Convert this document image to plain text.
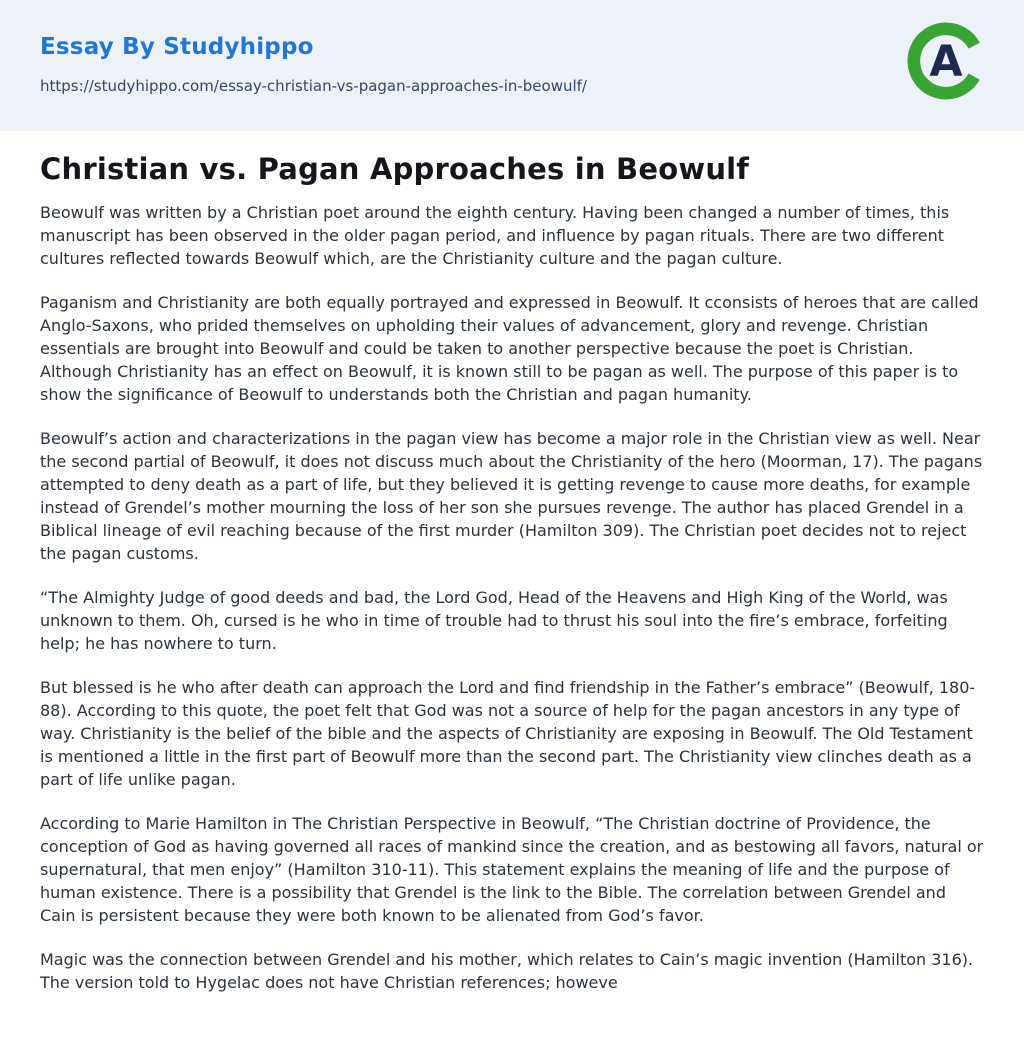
Essay By Studyhippo
https://studyhippo.com/essay-christian-vs-pagan-approaches-in-beowulf/	A
Christian vs. Pagan Approaches in Beowulf

Beowulf was written by a Christian poet around the eighth century. Having been changed a number of times, this manuscript has been observed in the older pagan period, and influence by pagan rituals. There are two different cultures reflected towards Beowulf which, are the Christianity culture and the pagan culture.

Paganism and Christianity are both equally portrayed and expressed in Beowulf. It cconsists of heroes that are called Anglo-Saxons, who prided themselves on upholding their values of advancement, glory and revenge. Christian essentials are brought into Beowulf and could be taken to another perspective because the poet is Christian. Although Christianity has an effect on Beowulf, it is known still to be pagan as well. The purpose of this paper is to show the significance of Beowulf to understands both the Christian and pagan humanity.

Beowulf’s action and characterizations in the pagan view has become a major role in the Christian view as well. Near the second partial of Beowulf, it does not discuss much about the Christianity of the hero (Moorman, 17). The pagans attempted to deny death as a part of life, but they believed it is getting revenge to cause more deaths, for example instead of Grendel’s mother mourning the loss of her son she pursues revenge. The author has placed Grendel in a Biblical lineage of evil reaching because of the first murder (Hamilton 309). The Christian poet decides not to reject the pagan customs.

“The Almighty Judge of good deeds and bad, the Lord God, Head of the Heavens and High King of the World, was unknown to them. Oh, cursed is he who in time of trouble had to thrust his soul into the fire’s embrace, forfeiting help; he has nowhere to turn.

But blessed is he who after death can approach the Lord and find friendship in the Father’s embrace” (Beowulf, 180-88). According to this quote, the poet felt that God was not a source of help for the pagan ancestors in any type of way. Christianity is the belief of the bible and the aspects of Christianity are exposing in Beowulf. The Old Testament is mentioned a little in the first part of Beowulf more than the second part. The Christianity view clinches death as a part of life unlike pagan.

According to Marie Hamilton in The Christian Perspective in Beowulf, “The Christian doctrine of Providence, the conception of God as having governed all races of mankind since the creation, and as bestowing all favors, natural or supernatural, that men enjoy” (Hamilton 310-11). This statement explains the meaning of life and the purpose of human existence. There is a possibility that Grendel is the link to the Bible. The correlation between Grendel and Cain is persistent because they were both known to be alienated from God’s favor.

Magic was the connection between Grendel and his mother, which relates to Cain’s magic invention (Hamilton 316). The version told to Hygelac does not have Christian references; howeve
